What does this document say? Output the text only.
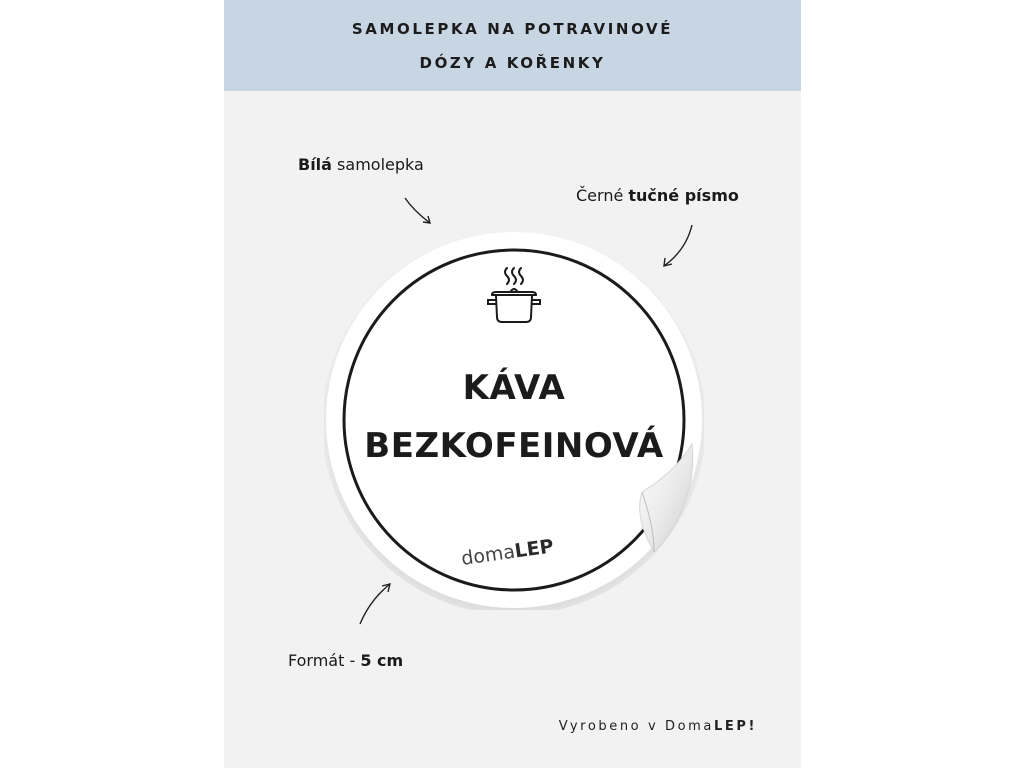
SAMOLEPKA NA POTRAVINOVÉ
DÓZY A KOŘENKY
Bílá samolepka
Černé tučné písmo
KÁVA
BEZKOFEINOVÁ
domaLEP
Formát - 5 cm
Vyrobeno v DomaLEP!
